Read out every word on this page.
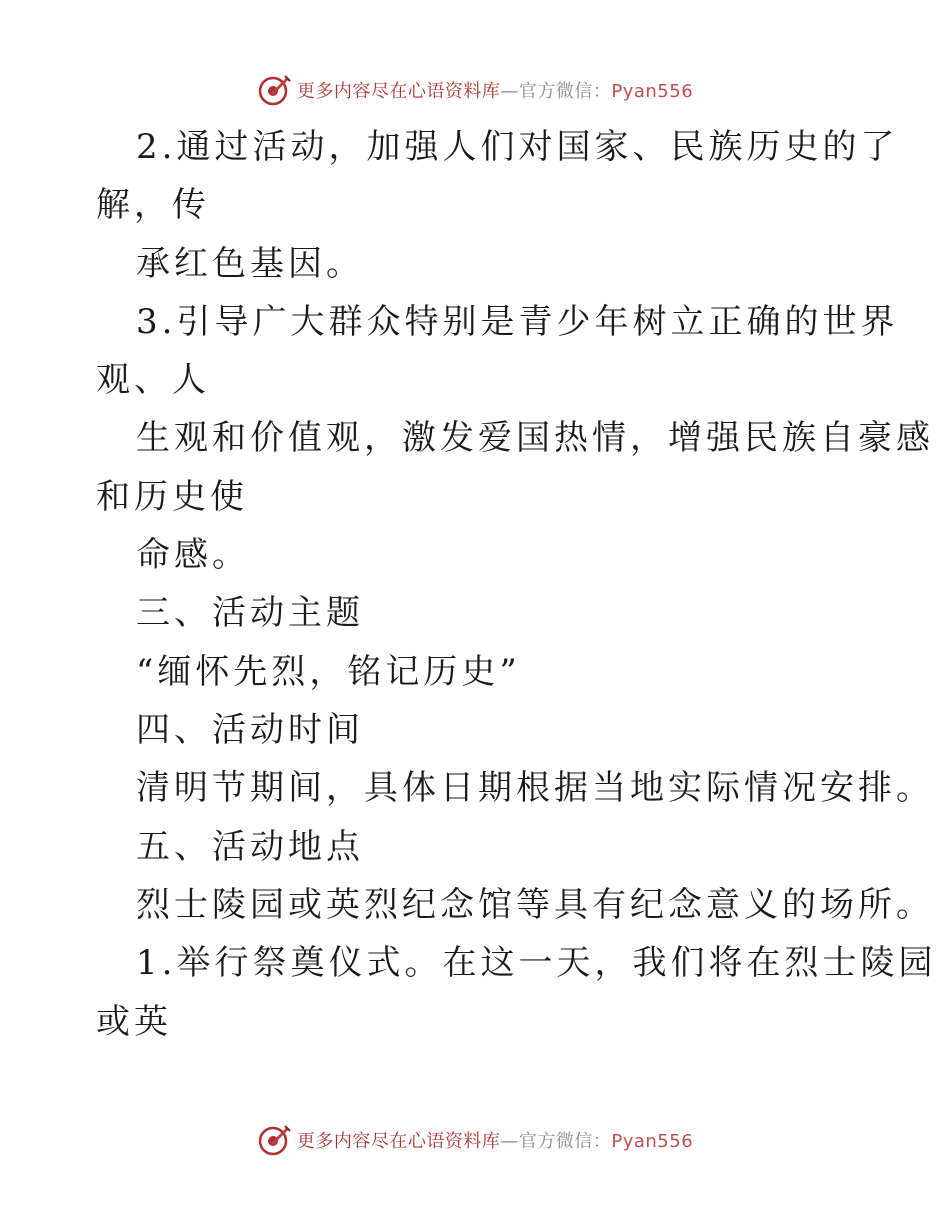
更多内容尽在心语资料库—官方微信：Pyan556
2.通过活动，加强人们对国家、民族历史的了
解，传
承红色基因。
3.引导广大群众特别是青少年树立正确的世界
观、人
生观和价值观，激发爱国热情，增强民族自豪感
和历史使
命感。
三、活动主题
“缅怀先烈，铭记历史”
四、活动时间
清明节期间，具体日期根据当地实际情况安排。
五、活动地点
烈士陵园或英烈纪念馆等具有纪念意义的场所。
1.举行祭奠仪式。在这一天，我们将在烈士陵园
或英
更多内容尽在心语资料库—官方微信：Pyan556
